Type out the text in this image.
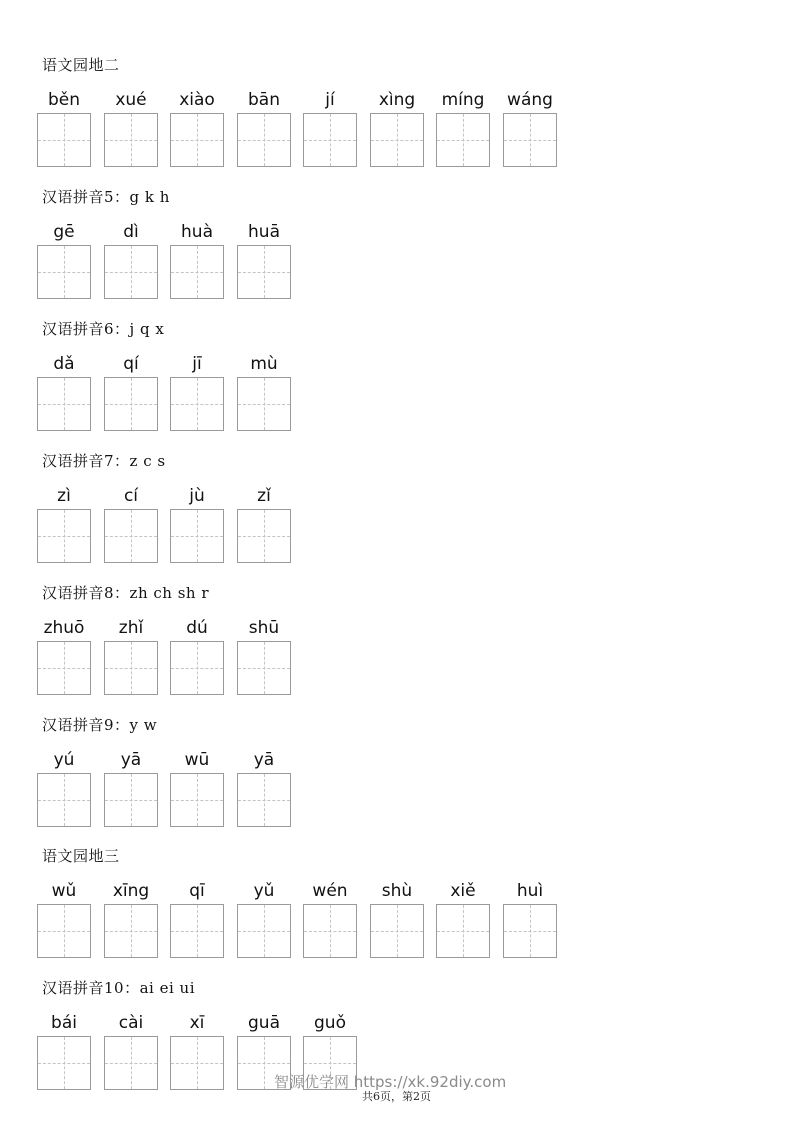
语文园地二
běn	xué	xiào	bān	jí	xìng	míng	wáng
汉语拼音5：g k h
gē	dì	huà	huā
汉语拼音6：j q x
dǎ	qí	jī	mù
汉语拼音7：z c s
zì	cí	jù	zǐ
汉语拼音8：zh ch sh r
zhuō	zhǐ	dú	shū
汉语拼音9：y w
yú	yā	wū	yā
语文园地三
wǔ	xīng	qī	yǔ	wén	shù	xiě	huì
汉语拼音10：ai ei ui
bái	cài	xī	guā	guǒ
智源优学网 https://xk.92diy.com
共6页，第2页
